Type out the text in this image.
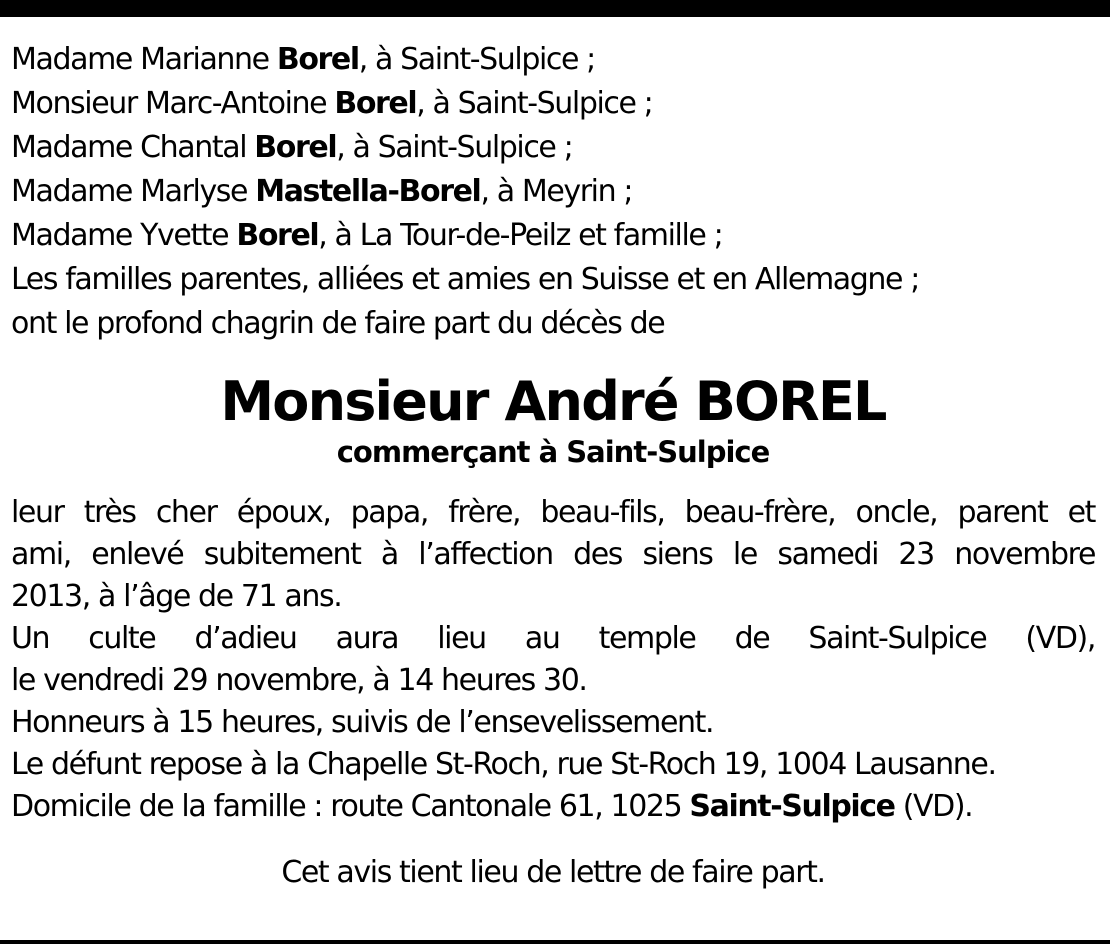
Madame Marianne Borel, à Saint-Sulpice ;
Monsieur Marc-Antoine Borel, à Saint-Sulpice ;
Madame Chantal Borel, à Saint-Sulpice ;
Madame Marlyse Mastella-Borel, à Meyrin ;
Madame Yvette Borel, à La Tour-de-Peilz et famille ;
Les familles parentes, alliées et amies en Suisse et en Allemagne ;
ont le profond chagrin de faire part du décès de
Monsieur André BOREL
commerçant à Saint-Sulpice
leur très cher époux, papa, frère, beau-fils, beau-frère, oncle, parent et
ami, enlevé subitement à l’affection des siens le samedi 23 novembre
2013, à l’âge de 71 ans.
Un culte d’adieu aura lieu au temple de Saint-Sulpice (VD),
le vendredi 29 novembre, à 14 heures 30.
Honneurs à 15 heures, suivis de l’ensevelissement.
Le défunt repose à la Chapelle St-Roch, rue St-Roch 19, 1004 Lausanne.
Domicile de la famille : route Cantonale 61, 1025 Saint-Sulpice (VD).
Cet avis tient lieu de lettre de faire part.
